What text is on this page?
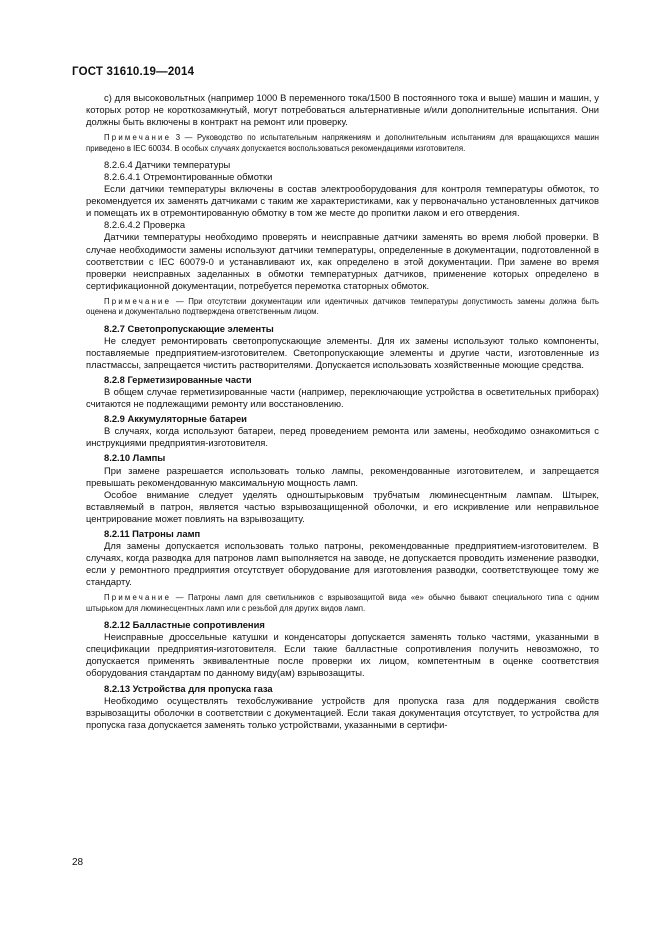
ГОСТ 31610.19—2014

c) для высоковольтных (например 1000 В переменного тока/1500 В постоянного тока и выше) машин и машин, у которых ротор не короткозамкнутый, могут потребоваться альтернативные и/или дополнительные испытания. Они должны быть включены в контракт на ремонт или проверку.

Примечание 3 — Руководство по испытательным напряжениям и дополнительным испытаниям для вращающихся машин приведено в IEC 60034. В особых случаях допускается воспользоваться рекомендациями изготовителя.

8.2.6.4 Датчики температуры

8.2.6.4.1 Отремонтированные обмотки

Если датчики температуры включены в состав электрооборудования для контроля температуры обмоток, то рекомендуется их заменять датчиками с таким же характеристиками, как у первоначально установленных датчиков и помещать их в отремонтированную обмотку в том же месте до пропитки лаком и его отвердения.

8.2.6.4.2 Проверка

Датчики температуры необходимо проверять и неисправные датчики заменять во время любой проверки. В случае необходимости замены используют датчики температуры, определенные в документации, подготовленной в соответствии с IEC 60079-0 и устанавливают их, как определено в этой документации. При замене во время проверки неисправных заделанных в обмотки температурных датчиков, применение которых определено в сертификационной документации, потребуется перемотка статорных обмоток.

Примечание — При отсутствии документации или идентичных датчиков температуры допустимость замены должна быть оценена и документально подтверждена ответственным лицом.

8.2.7 Светопропускающие элементы

Не следует ремонтировать светопропускающие элементы. Для их замены используют только компоненты, поставляемые предприятием-изготовителем. Светопропускающие элементы и другие части, изготовленные из пластмассы, запрещается чистить растворителями. Допускается использовать хозяйственные моющие средства.

8.2.8 Герметизированные части

В общем случае герметизированные части (например, переключающие устройства в осветительных приборах) считаются не подлежащими ремонту или восстановлению.

8.2.9 Аккумуляторные батареи

В случаях, когда используют батареи, перед проведением ремонта или замены, необходимо ознакомиться с инструкциями предприятия-изготовителя.

8.2.10 Лампы

При замене разрешается использовать только лампы, рекомендованные изготовителем, и запрещается превышать рекомендованную максимальную мощность ламп.

Особое внимание следует уделять одноштырьковым трубчатым люминесцентным лампам. Штырек, вставляемый в патрон, является частью взрывозащищенной оболочки, и его искривление или неправильное центрирование может повлиять на взрывозащиту.

8.2.11 Патроны ламп

Для замены допускается использовать только патроны, рекомендованные предприятием-изготовителем. В случаях, когда разводка для патронов ламп выполняется на заводе, не допускается проводить изменение разводки, если у ремонтного предприятия отсутствует оборудование для изготовления разводки, соответствующее тому же стандарту.

Примечание — Патроны ламп для светильников с взрывозащитой вида «е» обычно бывают специального типа с одним штырьком для люминесцентных ламп или с резьбой для других видов ламп.

8.2.12 Балластные сопротивления

Неисправные дроссельные катушки и конденсаторы допускается заменять только частями, указанными в спецификации предприятия-изготовителя. Если такие балластные сопротивления получить невозможно, то допускается применять эквивалентные после проверки их лицом, компетентным в оценке соответствия оборудования стандартам по данному виду(ам) взрывозащиты.

8.2.13 Устройства для пропуска газа

Необходимо осуществлять техобслуживание устройств для пропуска газа для поддержания свойств взрывозащиты оболочки в соответствии с документацией. Если такая документация отсутствует, то устройства для пропуска газа допускается заменять только устройствами, указанными в сертифи-

28
